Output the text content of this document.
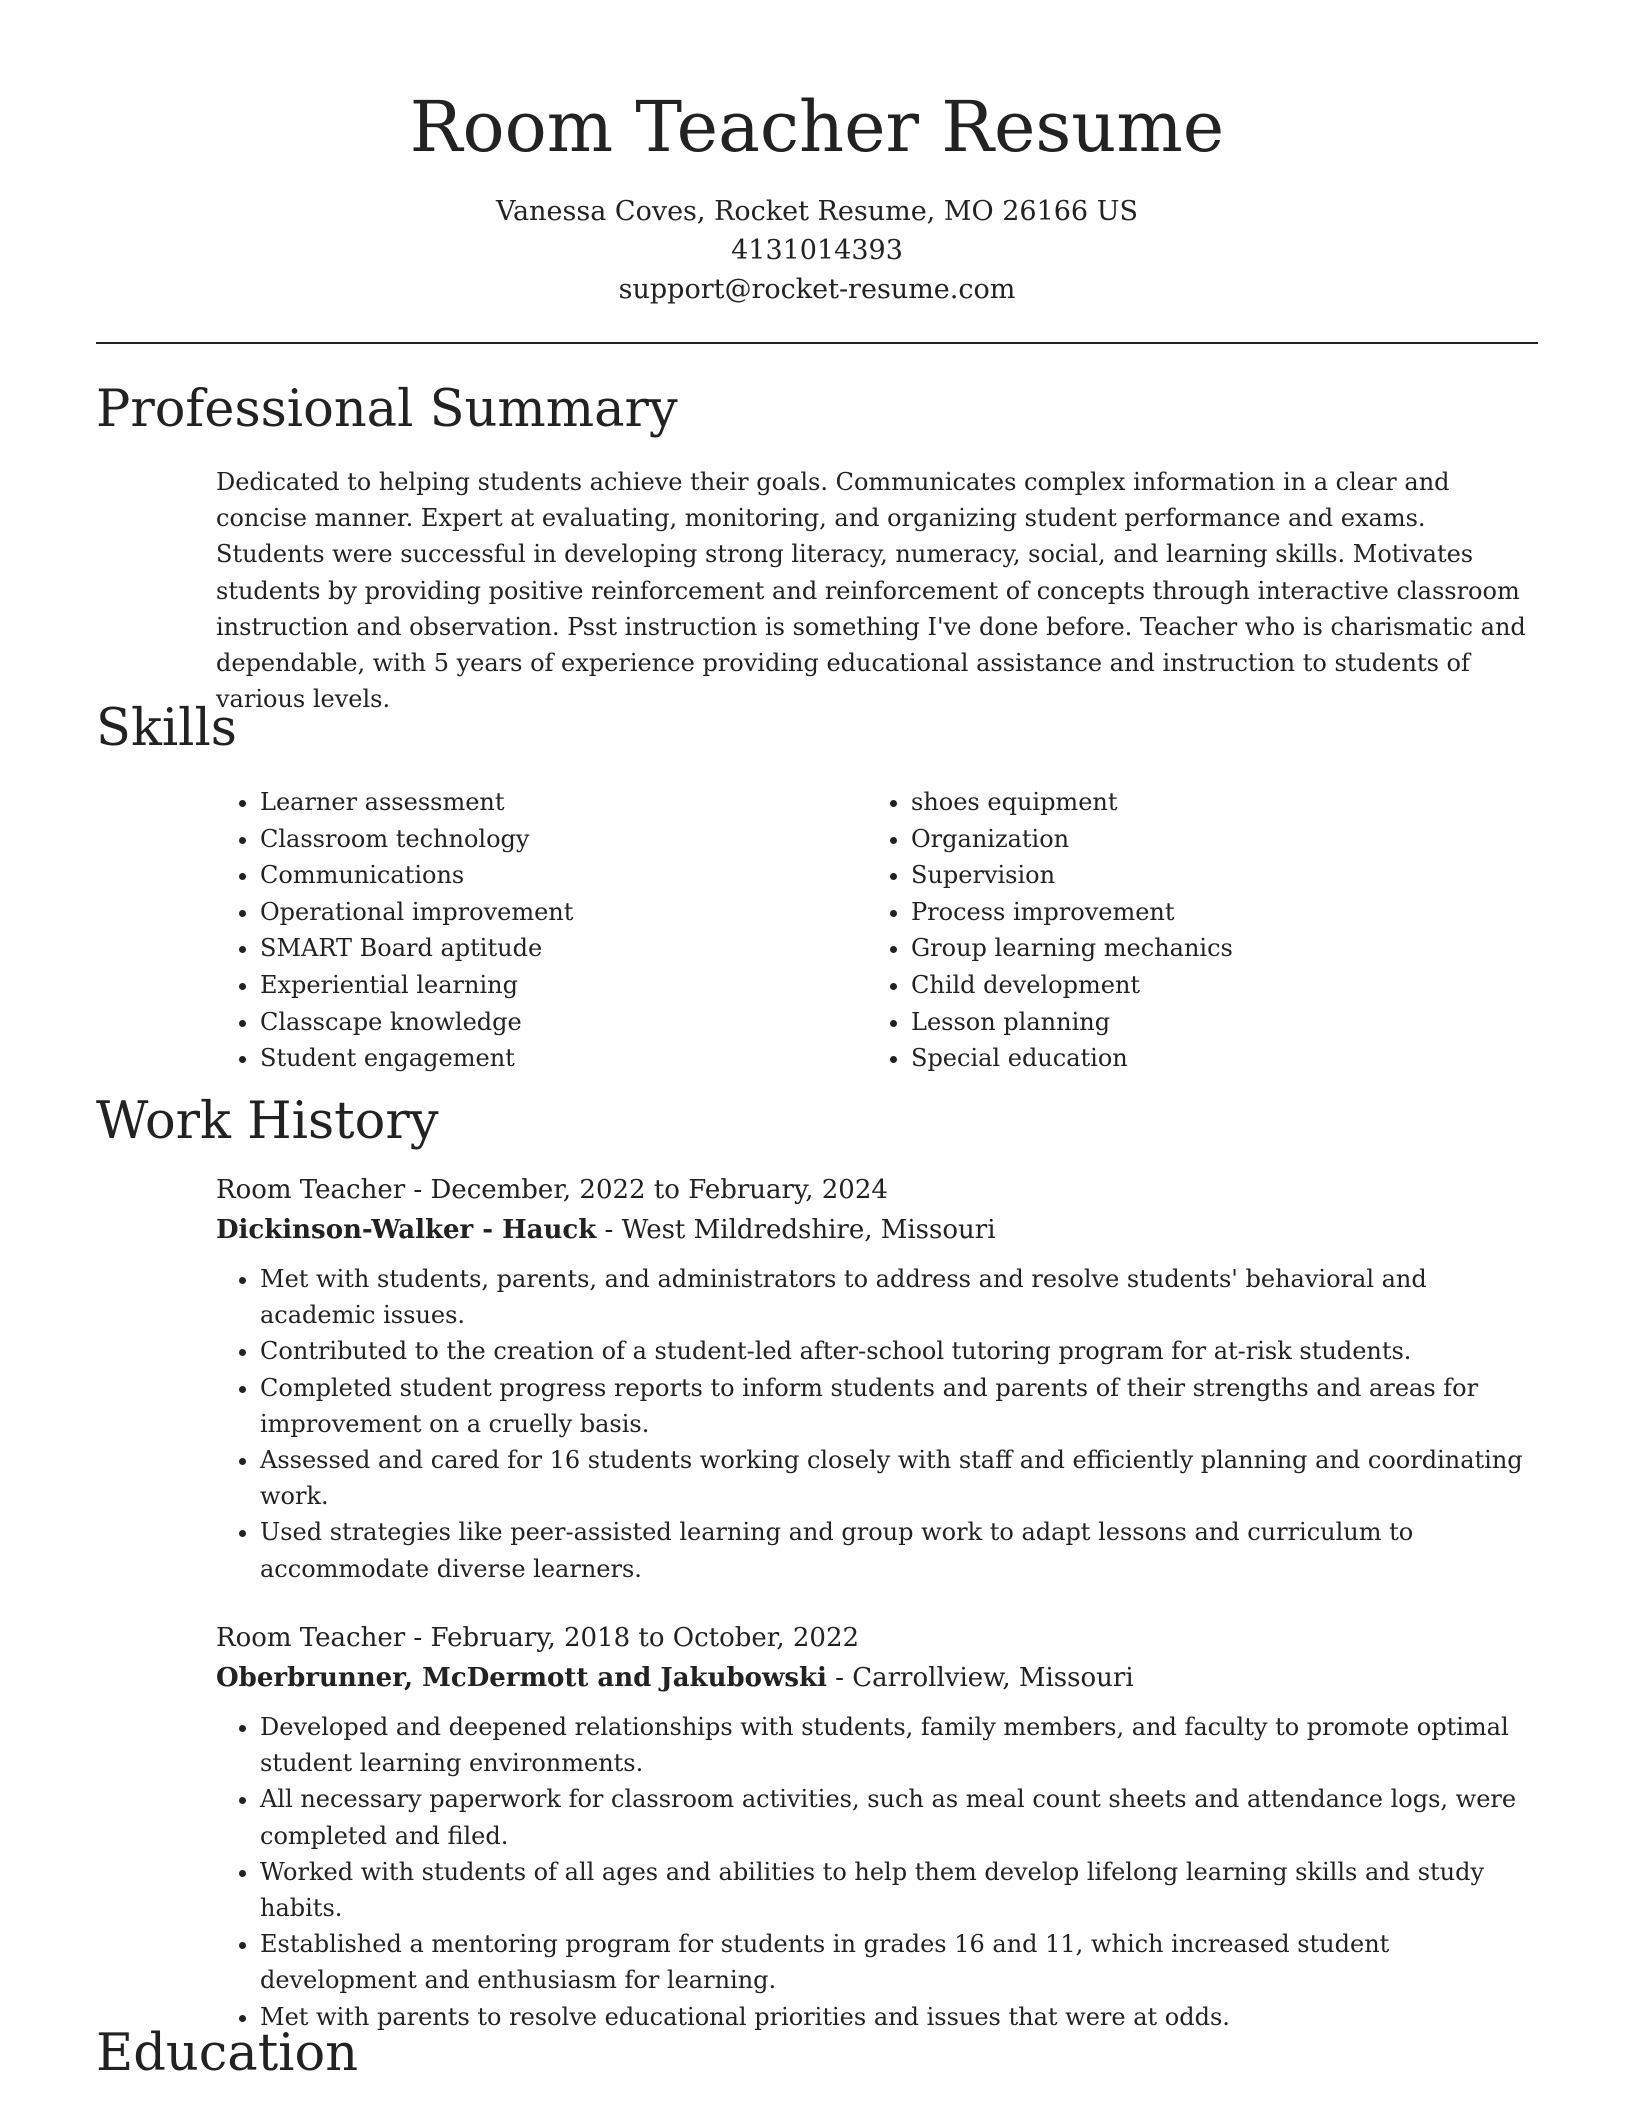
Room Teacher Resume
Vanessa Coves, Rocket Resume, MO 26166 US
4131014393
support@rocket-resume.com
Professional Summary

Dedicated to helping students achieve their goals. Communicates complex information in a clear and concise manner. Expert at evaluating, monitoring, and organizing student performance and exams. Students were successful in developing strong literacy, numeracy, social, and learning skills. Motivates students by providing positive reinforcement and reinforcement of concepts through interactive classroom instruction and observation. Psst instruction is something I've done before. Teacher who is charismatic and dependable, with 5 years of experience providing educational assistance and instruction to students of various levels.

Skills
• Learner assessment
• Classroom technology
• Communications
• Operational improvement
• SMART Board aptitude
• Experiential learning
• Classcape knowledge
• Student engagement
• shoes equipment
• Organization
• Supervision
• Process improvement
• Group learning mechanics
• Child development
• Lesson planning
• Special education
Work History
Room Teacher - December, 2022 to February, 2024
Dickinson-Walker - Hauck - West Mildredshire, Missouri
• Met with students, parents, and administrators to address and resolve students' behavioral and academic issues.
• Contributed to the creation of a student-led after-school tutoring program for at-risk students.
• Completed student progress reports to inform students and parents of their strengths and areas for improvement on a cruelly basis.
• Assessed and cared for 16 students working closely with staff and efficiently planning and coordinating work.
• Used strategies like peer-assisted learning and group work to adapt lessons and curriculum to accommodate diverse learners.
Room Teacher - February, 2018 to October, 2022
Oberbrunner, McDermott and Jakubowski - Carrollview, Missouri
• Developed and deepened relationships with students, family members, and faculty to promote optimal student learning environments.
• All necessary paperwork for classroom activities, such as meal count sheets and attendance logs, were completed and filed.
• Worked with students of all ages and abilities to help them develop lifelong learning skills and study habits.
• Established a mentoring program for students in grades 16 and 11, which increased student development and enthusiasm for learning.
• Met with parents to resolve educational priorities and issues that were at odds.
Education
